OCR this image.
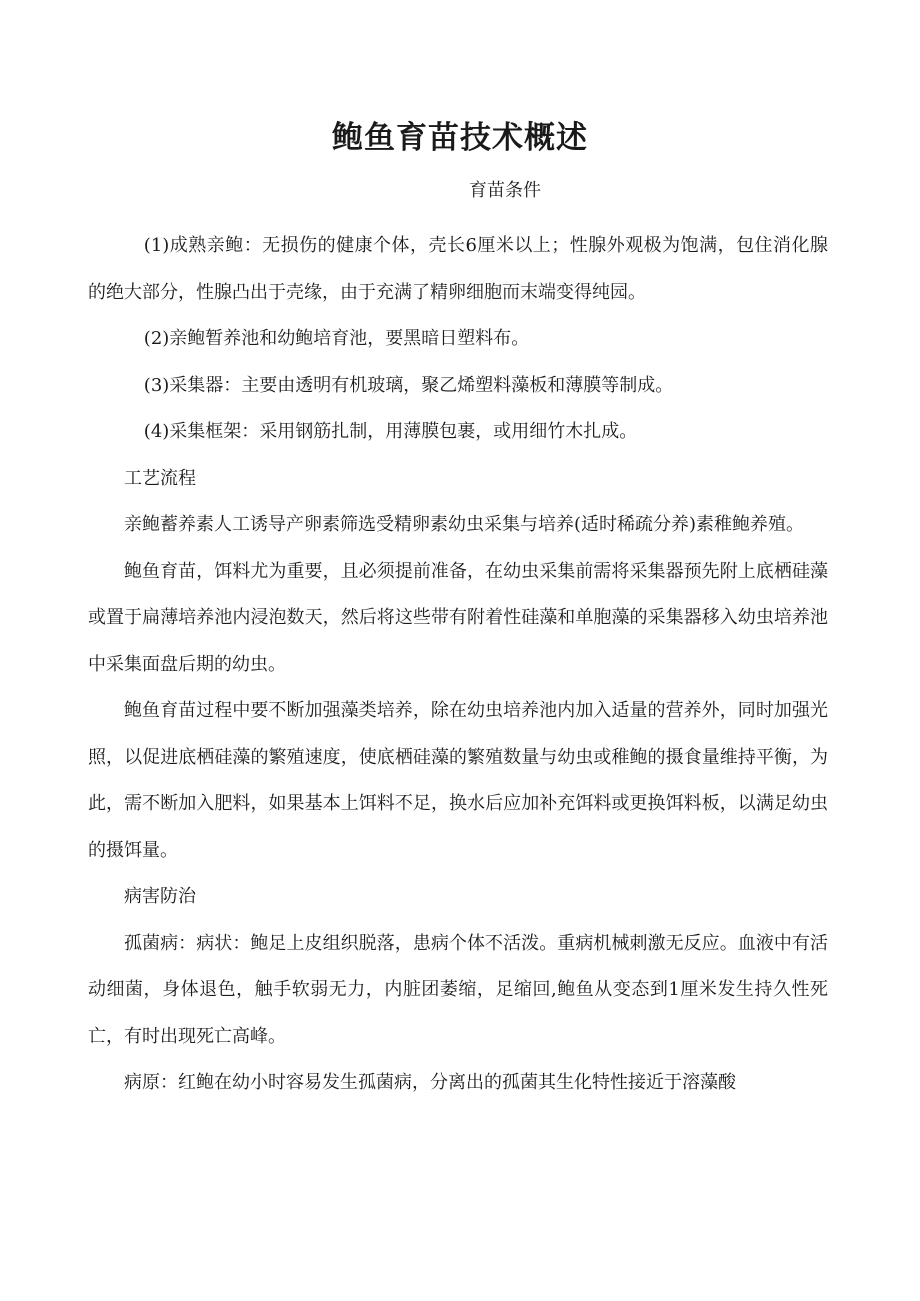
鲍鱼育苗技术概述

育苗条件

(1)成熟亲鲍：无损伤的健康个体，壳长6厘米以上；性腺外观极为饱满，包住消化腺的绝大部分，性腺凸出于壳缘，由于充满了精卵细胞而末端变得纯园。

(2)亲鲍暂养池和幼鲍培育池，要黑暗日塑料布。

(3)采集器：主要由透明有机玻璃，聚乙烯塑料藻板和薄膜等制成。

(4)采集框架：采用钢筋扎制，用薄膜包裹，或用细竹木扎成。

工艺流程

亲鲍蓄养素人工诱导产卵素筛选受精卵素幼虫采集与培养(适时稀疏分养)素稚鲍养殖。

鲍鱼育苗，饵料尤为重要，且必须提前准备，在幼虫采集前需将采集器预先附上底栖硅藻或置于扁薄培养池内浸泡数天，然后将这些带有附着性硅藻和单胞藻的采集器移入幼虫培养池中采集面盘后期的幼虫。

鲍鱼育苗过程中要不断加强藻类培养，除在幼虫培养池内加入适量的营养外，同时加强光照，以促进底栖硅藻的繁殖速度，使底栖硅藻的繁殖数量与幼虫或稚鲍的摄食量维持平衡，为此，需不断加入肥料，如果基本上饵料不足，换水后应加补充饵料或更换饵料板，以满足幼虫的摄饵量。

病害防治

孤菌病：病状：鲍足上皮组织脱落，患病个体不活泼。重病机械刺激无反应。血液中有活动细菌，身体退色，触手软弱无力，内脏团萎缩，足缩回,鲍鱼从变态到1厘米发生持久性死亡，有时出现死亡高峰。

病原：红鲍在幼小时容易发生孤菌病，分离出的孤菌其生化特性接近于溶藻酸
